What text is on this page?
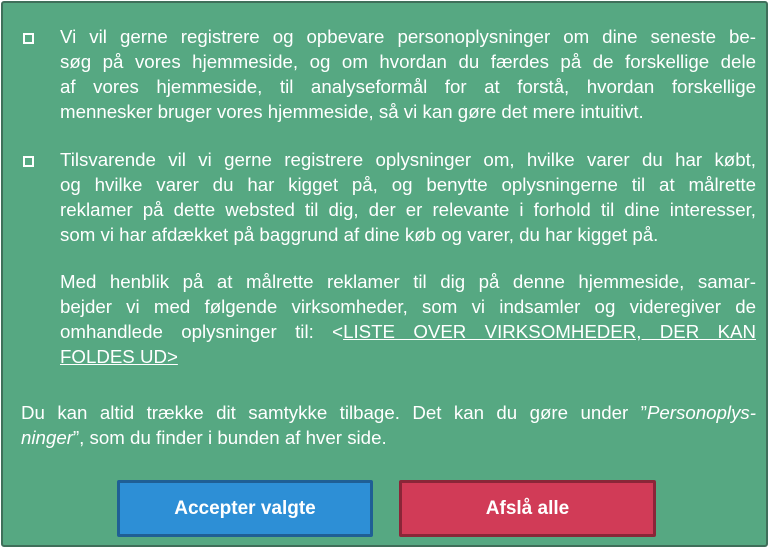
Vi vil gerne registrere og opbevare personoplysninger om dine seneste be-
søg på vores hjemmeside, og om hvordan du færdes på de forskellige dele
af vores hjemmeside, til analyseformål for at forstå, hvordan forskellige
mennesker bruger vores hjemmeside, så vi kan gøre det mere intuitivt.
Tilsvarende vil vi gerne registrere oplysninger om, hvilke varer du har købt,
og hvilke varer du har kigget på, og benytte oplysningerne til at målrette
reklamer på dette websted til dig, der er relevante i forhold til dine interesser,
som vi har afdækket på baggrund af dine køb og varer, du har kigget på.
Med henblik på at målrette reklamer til dig på denne hjemmeside, samar-
bejder vi med følgende virksomheder, som vi indsamler og videregiver de
omhandlede oplysninger til: <LISTE OVER VIRKSOMHEDER, DER KAN
FOLDES UD>
Du kan altid trække dit samtykke tilbage. Det kan du gøre under ”Personoplys-
ninger”, som du finder i bunden af hver side.
Accepter valgte	Afslå alle
